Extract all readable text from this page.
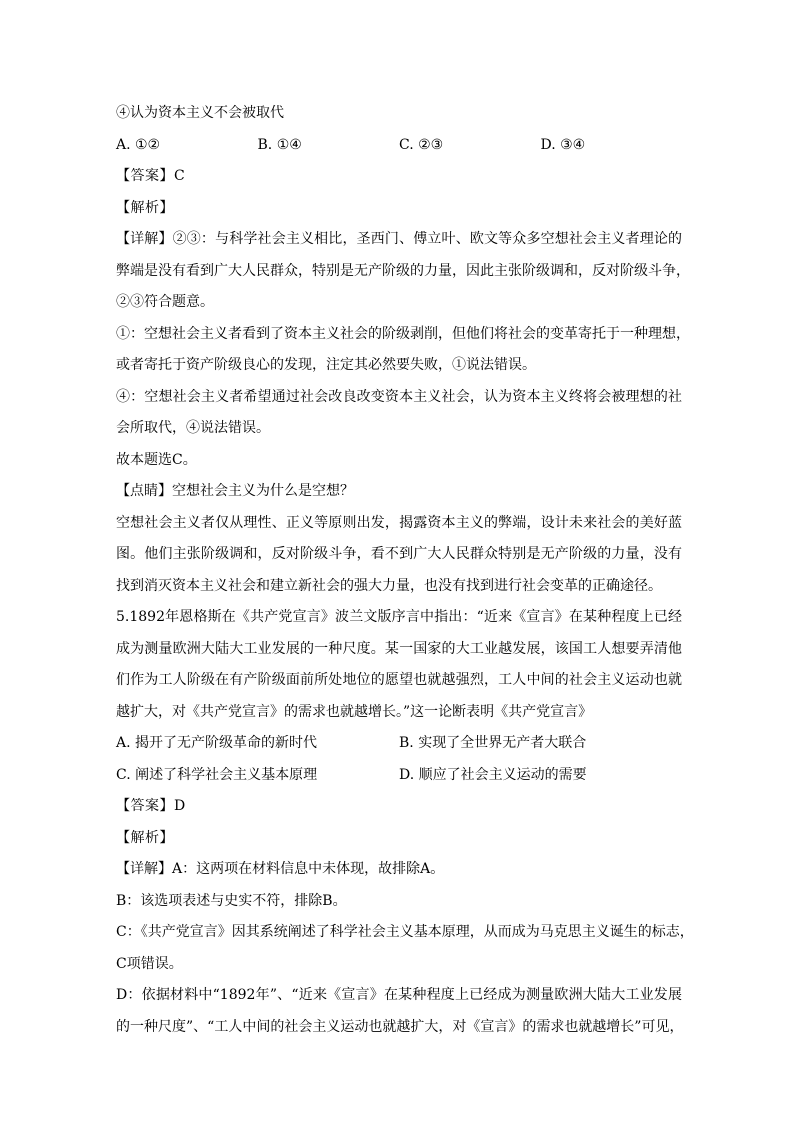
④认为资本主义不会被取代
A. ①②	B. ①④	C. ②③	D. ③④
【答案】C
【解析】
【详解】②③：与科学社会主义相比，圣西门、傅立叶、欧文等众多空想社会主义者理论的
弊端是没有看到广大人民群众，特别是无产阶级的力量，因此主张阶级调和，反对阶级斗争，
②③符合题意。
①：空想社会主义者看到了资本主义社会的阶级剥削，但他们将社会的变革寄托于一种理想，
或者寄托于资产阶级良心的发现，注定其必然要失败，①说法错误。
④：空想社会主义者希望通过社会改良改变资本主义社会，认为资本主义终将会被理想的社
会所取代，④说法错误。
故本题选C。
【点睛】空想社会主义为什么是空想？
空想社会主义者仅从理性、正义等原则出发，揭露资本主义的弊端，设计未来社会的美好蓝
图。他们主张阶级调和，反对阶级斗争，看不到广大人民群众特别是无产阶级的力量，没有
找到消灭资本主义社会和建立新社会的强大力量，也没有找到进行社会变革的正确途径。
5.1892年恩格斯在《共产党宣言》波兰文版序言中指出：“近来《宣言》在某种程度上已经
成为测量欧洲大陆大工业发展的一种尺度。某一国家的大工业越发展，该国工人想要弄清他
们作为工人阶级在有产阶级面前所处地位的愿望也就越强烈，工人中间的社会主义运动也就
越扩大，对《共产党宣言》的需求也就越增长。”这一论断表明《共产党宣言》
A. 揭开了无产阶级革命的新时代	B. 实现了全世界无产者大联合
C. 阐述了科学社会主义基本原理	D. 顺应了社会主义运动的需要
【答案】D
【解析】
【详解】A：这两项在材料信息中未体现，故排除A。
B：该选项表述与史实不符，排除B。
C：《共产党宣言》因其系统阐述了科学社会主义基本原理，从而成为马克思主义诞生的标志，
C项错误。
D：依据材料中“1892年”、“近来《宣言》在某种程度上已经成为测量欧洲大陆大工业发展
的一种尺度”、“工人中间的社会主义运动也就越扩大，对《宣言》的需求也就越增长”可见，
